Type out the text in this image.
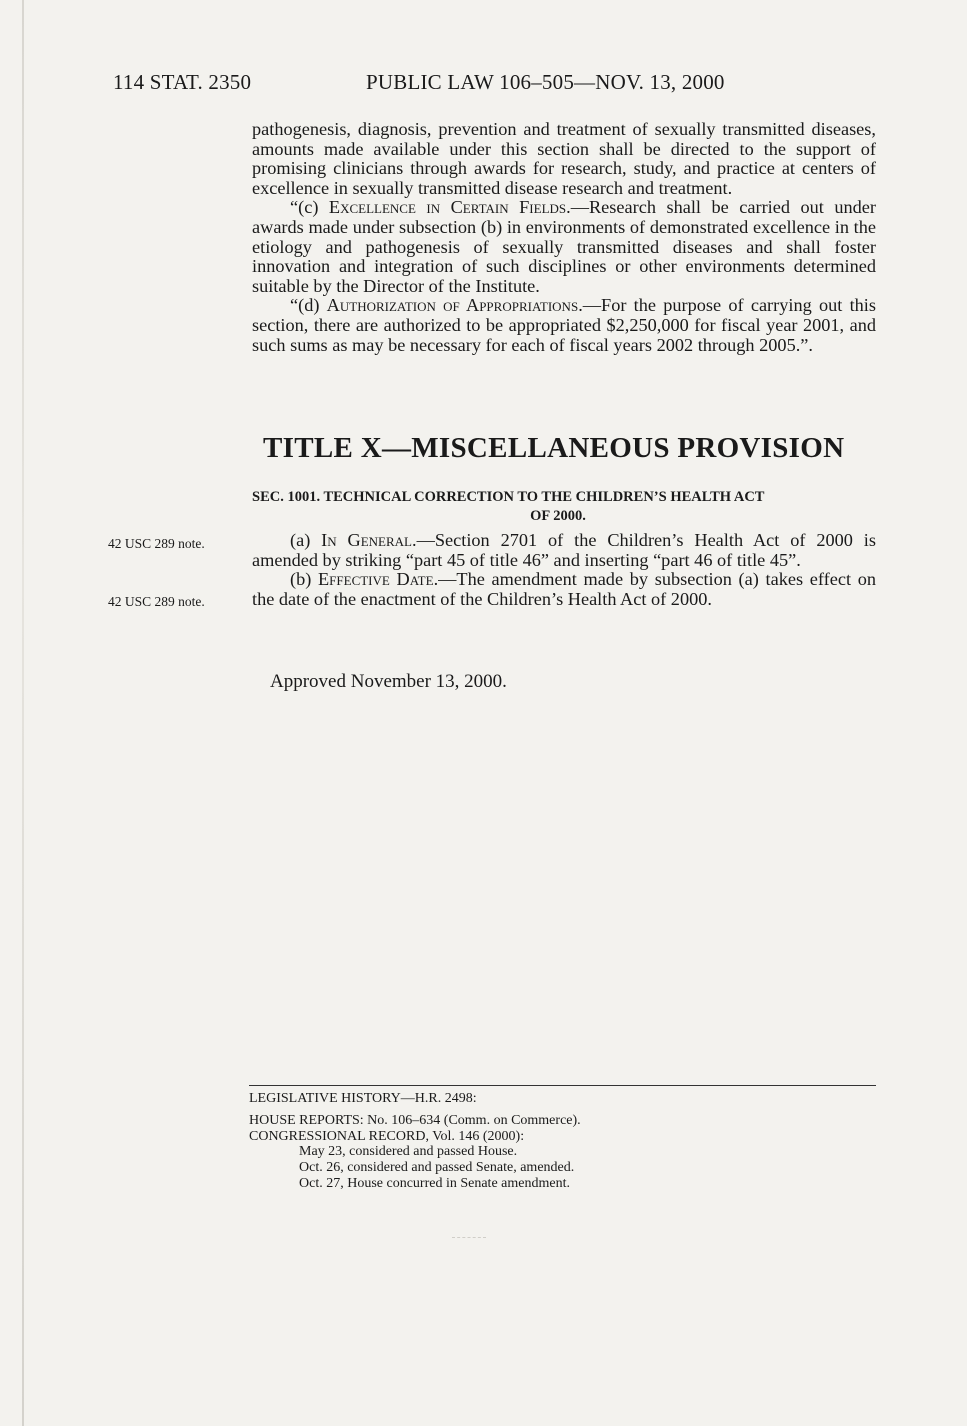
114 STAT. 2350	PUBLIC LAW 106–505—NOV. 13, 2000

pathogenesis, diagnosis, prevention and treatment of sexually transmitted diseases, amounts made available under this section shall be directed to the support of promising clinicians through awards for research, study, and practice at centers of excellence in sexually transmitted disease research and treatment.

“(c) Excellence in Certain Fields.—Research shall be carried out under awards made under subsection (b) in environments of demonstrated excellence in the etiology and pathogenesis of sexually transmitted diseases and shall foster innovation and integration of such disciplines or other environments determined suitable by the Director of the Institute.

“(d) Authorization of Appropriations.—For the purpose of carrying out this section, there are authorized to be appropriated $2,250,000 for fiscal year 2001, and such sums as may be necessary for each of fiscal years 2002 through 2005.”.

TITLE X—MISCELLANEOUS PROVISION
SEC. 1001. TECHNICAL CORRECTION TO THE CHILDREN’S HEALTH ACT
OF 2000.
42 USC 289 note.
42 USC 289 note.

(a) In General.—Section 2701 of the Children’s Health Act of 2000 is amended by striking “part 45 of title 46” and inserting “part 46 of title 45”.

(b) Effective Date.—The amendment made by subsection (a) takes effect on the date of the enactment of the Children’s Health Act of 2000.

Approved November 13, 2000.
LEGISLATIVE HISTORY—H.R. 2498:
HOUSE REPORTS: No. 106–634 (Comm. on Commerce).
CONGRESSIONAL RECORD, Vol. 146 (2000):
May 23, considered and passed House.
Oct. 26, considered and passed Senate, amended.
Oct. 27, House concurred in Senate amendment.
